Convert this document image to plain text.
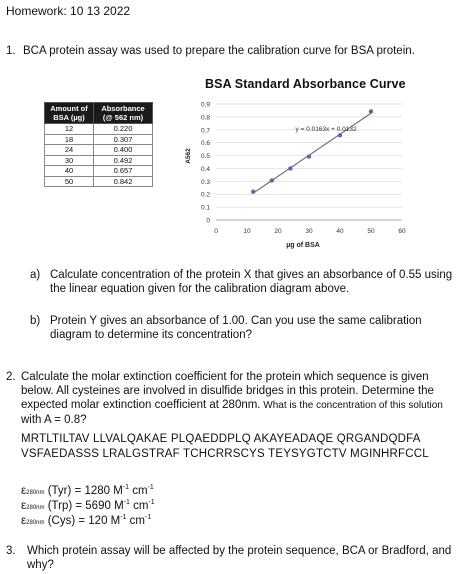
Homework: 10 13 2022
1. BCA protein assay was used to prepare the calibration curve for BSA protein.
Amount of
BSA (µg)	Absorbance
(@ 562 nm)
12	0.220
18	0.307
24	0.400
30	0.492
40	0.657
50	0.842
BSA Standard Absorbance Curve
0
0.1
0.2
0.3
0.4
0.5
0.6
0.7
0.8
0.9
0	10	20	30	40	50	60
y = 0.0163x + 0.0132
µg of BSA
A562
a) Calculate concentration of the protein X that gives an absorbance of 0.55 using
the linear equation given for the calibration diagram above.
b) Protein Y gives an absorbance of 1.00. Can you use the same calibration
diagram to determine its concentration?
2. Calculate the molar extinction coefficient for the protein which sequence is given
below. All cysteines are involved in disulfide bridges in this protein. Determine the
expected molar extinction coefficient at 280nm. What is the concentration of this solution
with A = 0.8?
MRTLTILTAV LLVALQAKAE PLQAEDDPLQ AKAYEADAQE QRGANDQDFA
VSFAEDASSS LRALGSTRAF TCHCRRSCYS TEYSYGTCTV MGINHRFCCL
ε280nm (Tyr) = 1280 $M^{-1}$ $cm^{-1}$
ε280nm (Trp) = 5690 $M^{-1}$ $cm^{-1}$
ε280nm (Cys) = 120 $M^{-1}$ $cm^{-1}$
3. Which protein assay will be affected by the protein sequence, BCA or Bradford, and
why?
